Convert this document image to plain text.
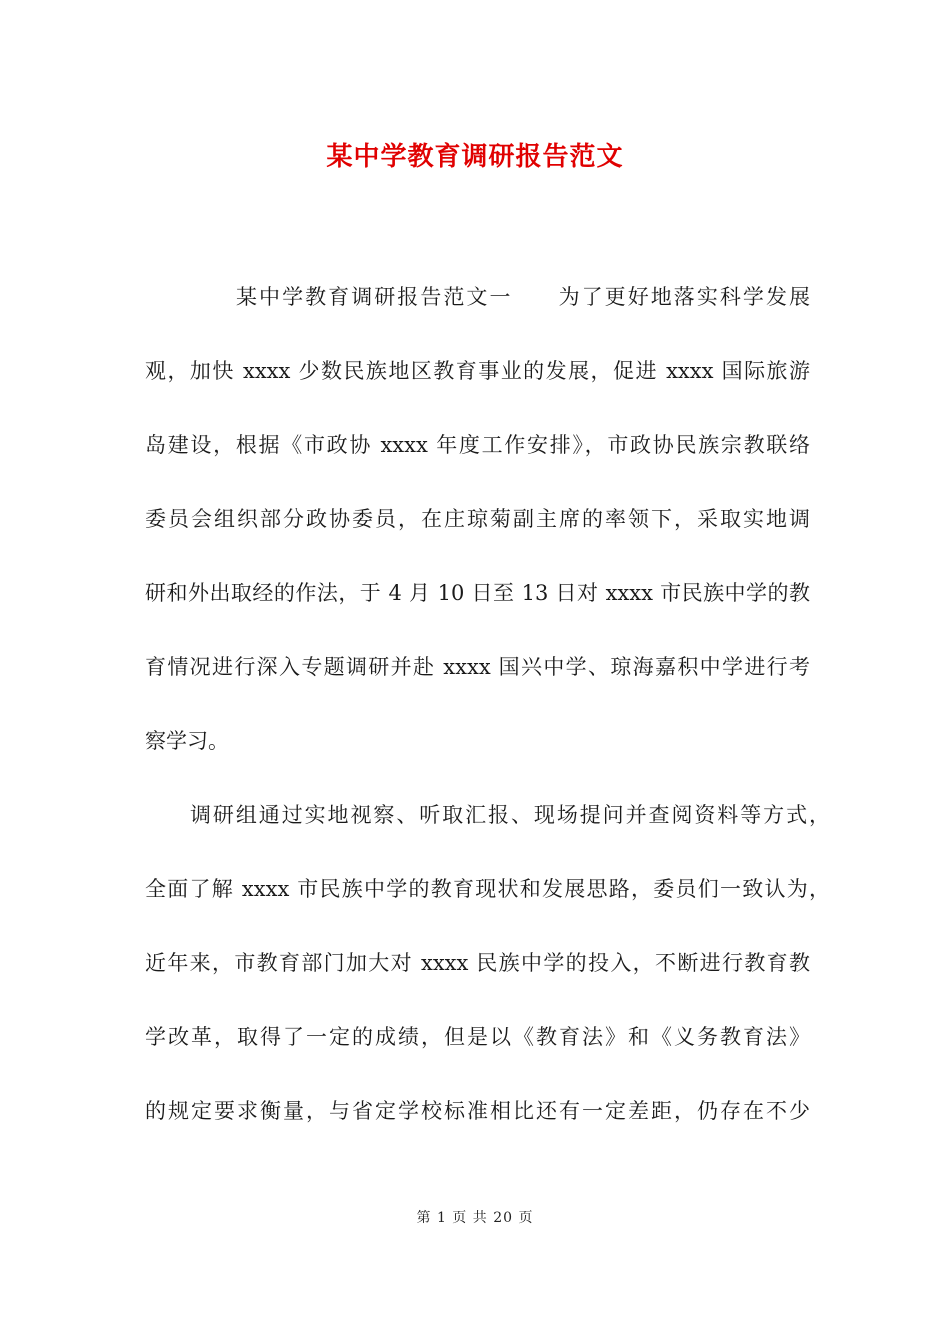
某中学教育调研报告范文
某中学教育调研报告范文一 为了更好地落实科学发展
观，加快 xxxx 少数民族地区教育事业的发展，促进 xxxx 国际旅游
岛建设，根据《市政协 xxxx 年度工作安排》，市政协民族宗教联络
委员会组织部分政协委员，在庄琼菊副主席的率领下，采取实地调
研和外出取经的作法，于 4 月 10 日至 13 日对 xxxx 市民族中学的教
育情况进行深入专题调研并赴 xxxx 国兴中学、琼海嘉积中学进行考
察学习。
调研组通过实地视察、听取汇报、现场提问并查阅资料等方式，
全面了解 xxxx 市民族中学的教育现状和发展思路，委员们一致认为，
近年来，市教育部门加大对 xxxx 民族中学的投入，不断进行教育教
学改革，取得了一定的成绩，但是以《教育法》和《义务教育法》
的规定要求衡量，与省定学校标准相比还有一定差距，仍存在不少
第 1 页 共 20 页
